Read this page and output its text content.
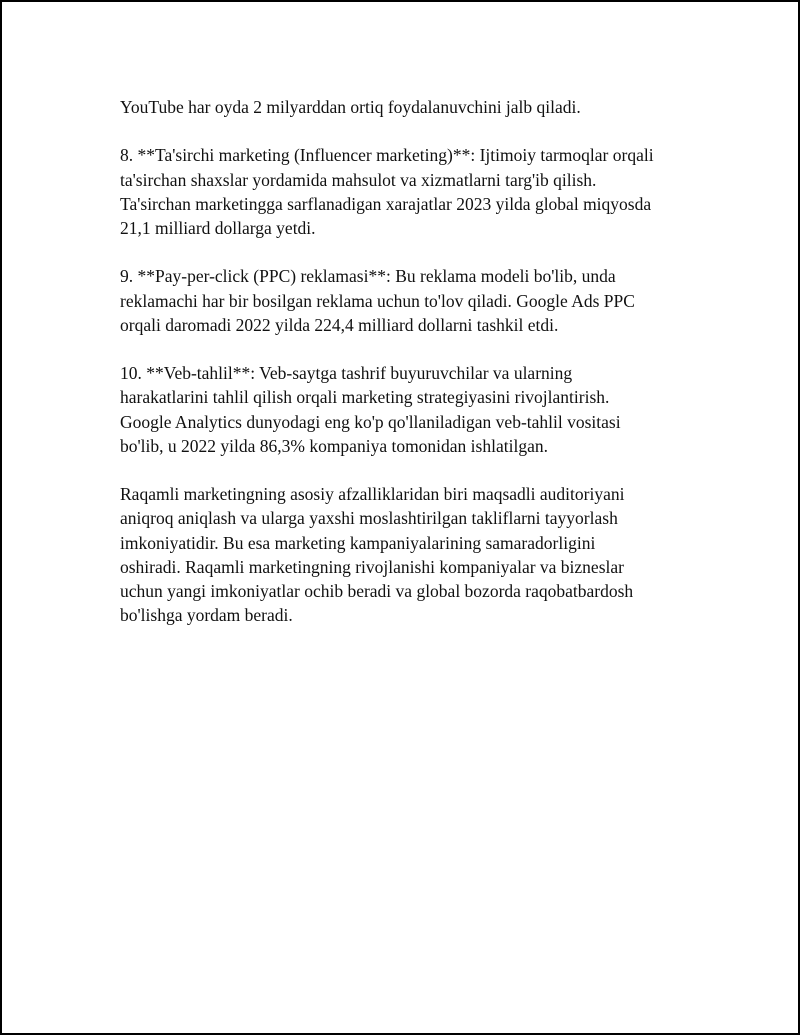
YouTube har oyda 2 milyarddan ortiq foydalanuvchini jalb qiladi.

8. **Ta'sirchi marketing (Influencer marketing)**: Ijtimoiy tarmoqlar orqali
ta'sirchan shaxslar yordamida mahsulot va xizmatlarni targ'ib qilish.
Ta'sirchan marketingga sarflanadigan xarajatlar 2023 yilda global miqyosda
21,1 milliard dollarga yetdi.

9. **Pay-per-click (PPC) reklamasi**: Bu reklama modeli bo'lib, unda
reklamachi har bir bosilgan reklama uchun to'lov qiladi. Google Ads PPC
orqali daromadi 2022 yilda 224,4 milliard dollarni tashkil etdi.

10. **Veb-tahlil**: Veb-saytga tashrif buyuruvchilar va ularning
harakatlarini tahlil qilish orqali marketing strategiyasini rivojlantirish.
Google Analytics dunyodagi eng ko'p qo'llaniladigan veb-tahlil vositasi
bo'lib, u 2022 yilda 86,3% kompaniya tomonidan ishlatilgan.

Raqamli marketingning asosiy afzalliklaridan biri maqsadli auditoriyani
aniqroq aniqlash va ularga yaxshi moslashtirilgan takliflarni tayyorlash
imkoniyatidir. Bu esa marketing kampaniyalarining samaradorligini
oshiradi. Raqamli marketingning rivojlanishi kompaniyalar va bizneslar
uchun yangi imkoniyatlar ochib beradi va global bozorda raqobatbardosh
bo'lishga yordam beradi.
